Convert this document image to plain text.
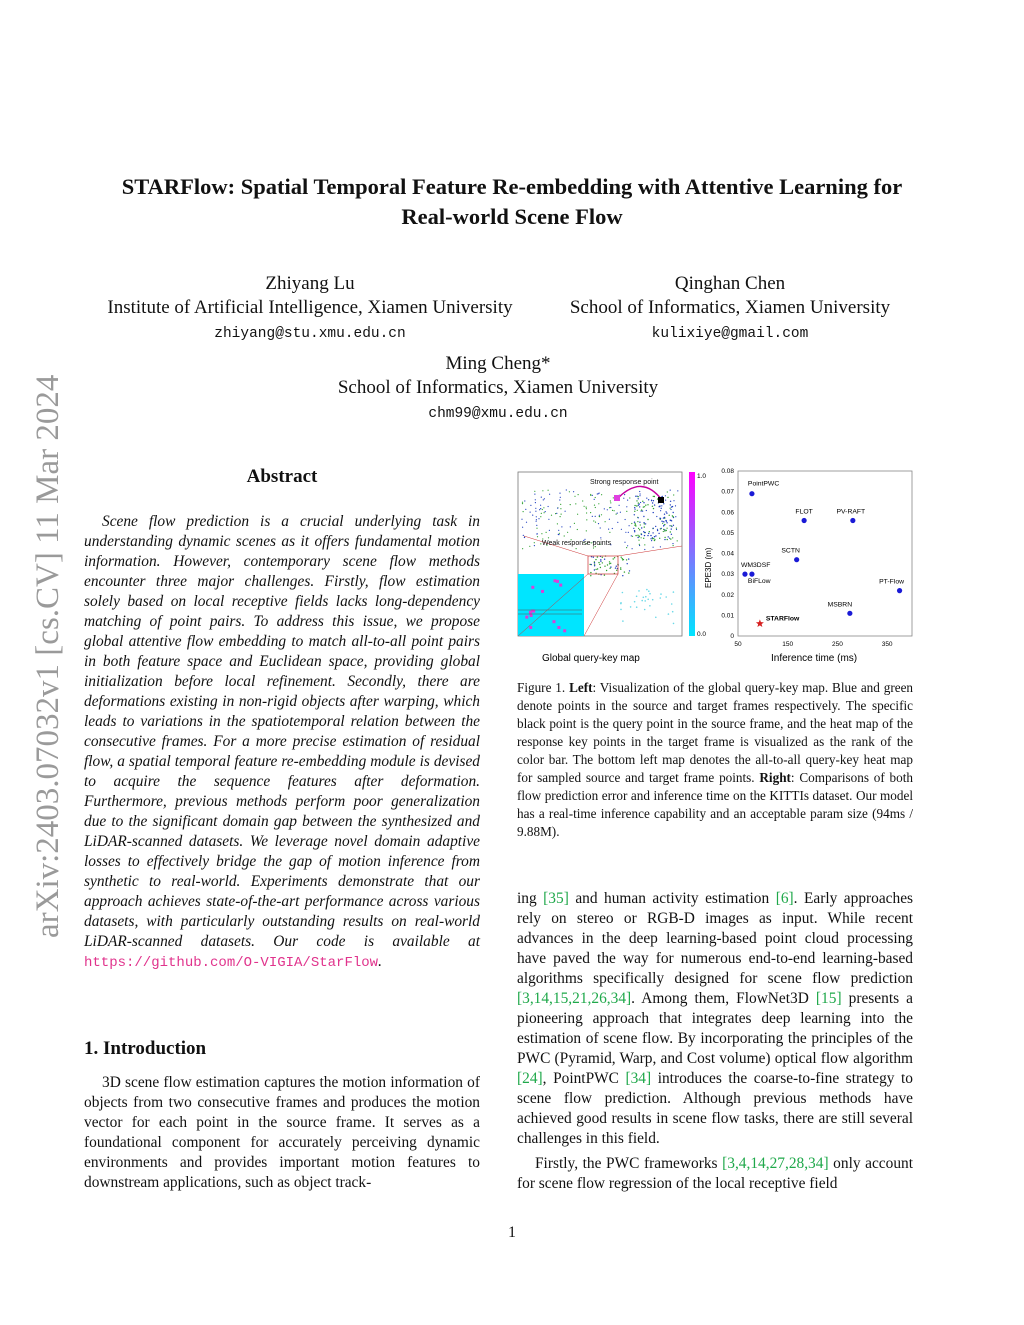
arXiv:2403.07032v1 [cs.CV] 11 Mar 2024
STARFlow: Spatial Temporal Feature Re-embedding with Attentive Learning for
Real-world Scene Flow
Zhiyang Lu
Institute of Artificial Intelligence, Xiamen University
zhiyang@stu.xmu.edu.cn
Qinghan Chen
School of Informatics, Xiamen University
kulixiye@gmail.com
Ming Cheng*
School of Informatics, Xiamen University
chm99@xmu.edu.cn
Abstract

Scene flow prediction is a crucial underlying task in understanding dynamic scenes as it offers fundamental motion information. However, contemporary scene flow methods encounter three major challenges. Firstly, flow estimation solely based on local receptive fields lacks long-dependency matching of point pairs. To address this issue, we propose global attentive flow embedding to match all-to-all point pairs in both feature space and Euclidean space, providing global initialization before local refinement. Secondly, there are deformations existing in non-rigid objects after warping, which leads to variations in the spatiotemporal relation between the consecutive frames. For a more precise estimation of residual flow, a spatial temporal feature re-embedding module is devised to acquire the sequence features after deformation. Furthermore, previous methods perform poor generalization due to the significant domain gap between the synthesized and LiDAR-scanned datasets. We leverage novel domain adaptive losses to effectively bridge the gap of motion inference from synthetic to real-world. Experiments demonstrate that our approach achieves state-of-the-art performance across various datasets, with particularly outstanding results on real-world LiDAR-scanned datasets. Our code is available at https://github.com/O-VIGIA/StarFlow.

1. Introduction

3D scene flow estimation captures the motion information of objects from two consecutive frames and produces the motion vector for each point in the source frame. It serves as a foundational component for accurately perceiving dynamic environments and provides important motion features to downstream applications, such as object track-

Strong response point
Weak response points
1.0
0.0
Global query-key map
0
0.01
0.02
0.03
0.04
0.05
0.06
0.07
0.08
50	150	250	350
PointPWC
FLOT	PV-RAFT
SCTN
WM3DSF
BiFLow	PT-Flow
MSBRN
STARFlow
Inference time (ms)
EPE3D (m)

Figure 1. Left: Visualization of the global query-key map. Blue and green denote points in the source and target frames respectively. The specific black point is the query point in the source frame, and the heat map of the response key points in the target frame is visualized as the rank of the color bar. The bottom left map denotes the all-to-all query-key heat map for sampled source and target frame points. Right: Comparisons of both flow prediction error and inference time on the KITTIs dataset. Our model has a real-time inference capability and an acceptable param size (94ms / 9.88M).

ing [35] and human activity estimation [6]. Early approaches rely on stereo or RGB-D images as input. While recent advances in the deep learning-based point cloud processing have paved the way for numerous end-to-end learning-based algorithms specifically designed for scene flow prediction [3,14,15,21,26,34]. Among them, FlowNet3D [15] presents a pioneering approach that integrates deep learning into the estimation of scene flow. By incorporating the principles of the PWC (Pyramid, Warp, and Cost volume) optical flow algorithm [24], PointPWC [34] introduces the coarse-to-fine strategy to scene flow prediction. Although previous methods have achieved good results in scene flow tasks, there are still several challenges in this field.

Firstly, the PWC frameworks [3,4,14,27,28,34] only account for scene flow regression of the local receptive field

1
